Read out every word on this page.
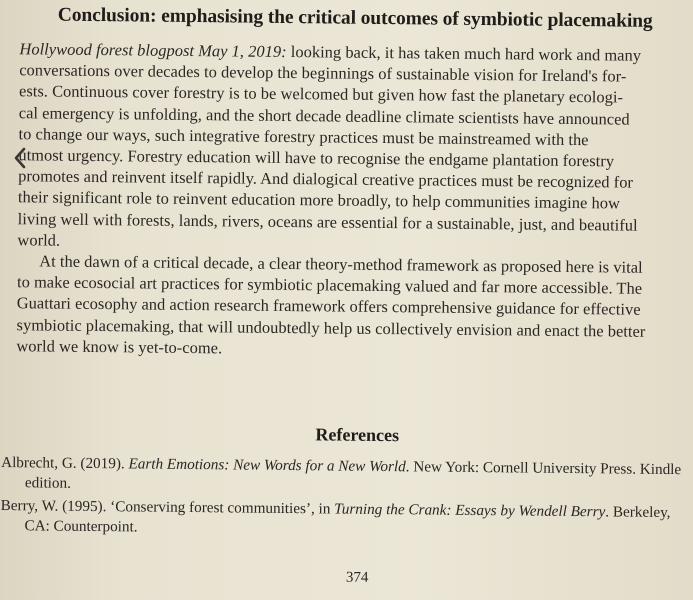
Conclusion: emphasising the critical outcomes of symbiotic placemaking

Hollywood forest blogpost May 1, 2019: looking back, it has taken much hard work and many

conversations over decades to develop the beginnings of sustainable vision for Ireland's for-

ests. Continuous cover forestry is to be welcomed but given how fast the planetary ecologi-

cal emergency is unfolding, and the short decade deadline climate scientists have announced

to change our ways, such integrative forestry practices must be mainstreamed with the

utmost urgency. Forestry education will have to recognise the endgame plantation forestry

promotes and reinvent itself rapidly. And dialogical creative practices must be recognized for

their significant role to reinvent education more broadly, to help communities imagine how

living well with forests, lands, rivers, oceans are essential for a sustainable, just, and beautiful

world.

At the dawn of a critical decade, a clear theory-method framework as proposed here is vital

to make ecosocial art practices for symbiotic placemaking valued and far more accessible. The

Guattari ecosophy and action research framework offers comprehensive guidance for effective

symbiotic placemaking, that will undoubtedly help us collectively envision and enact the better

world we know is yet-to-come.

References
Albrecht, G. (2019). Earth Emotions: New Words for a New World. New York: Cornell University Press. Kindle
edition.
Berry, W. (1995). ‘Conserving forest communities’, in Turning the Crank: Essays by Wendell Berry. Berkeley,
CA: Counterpoint.
374
